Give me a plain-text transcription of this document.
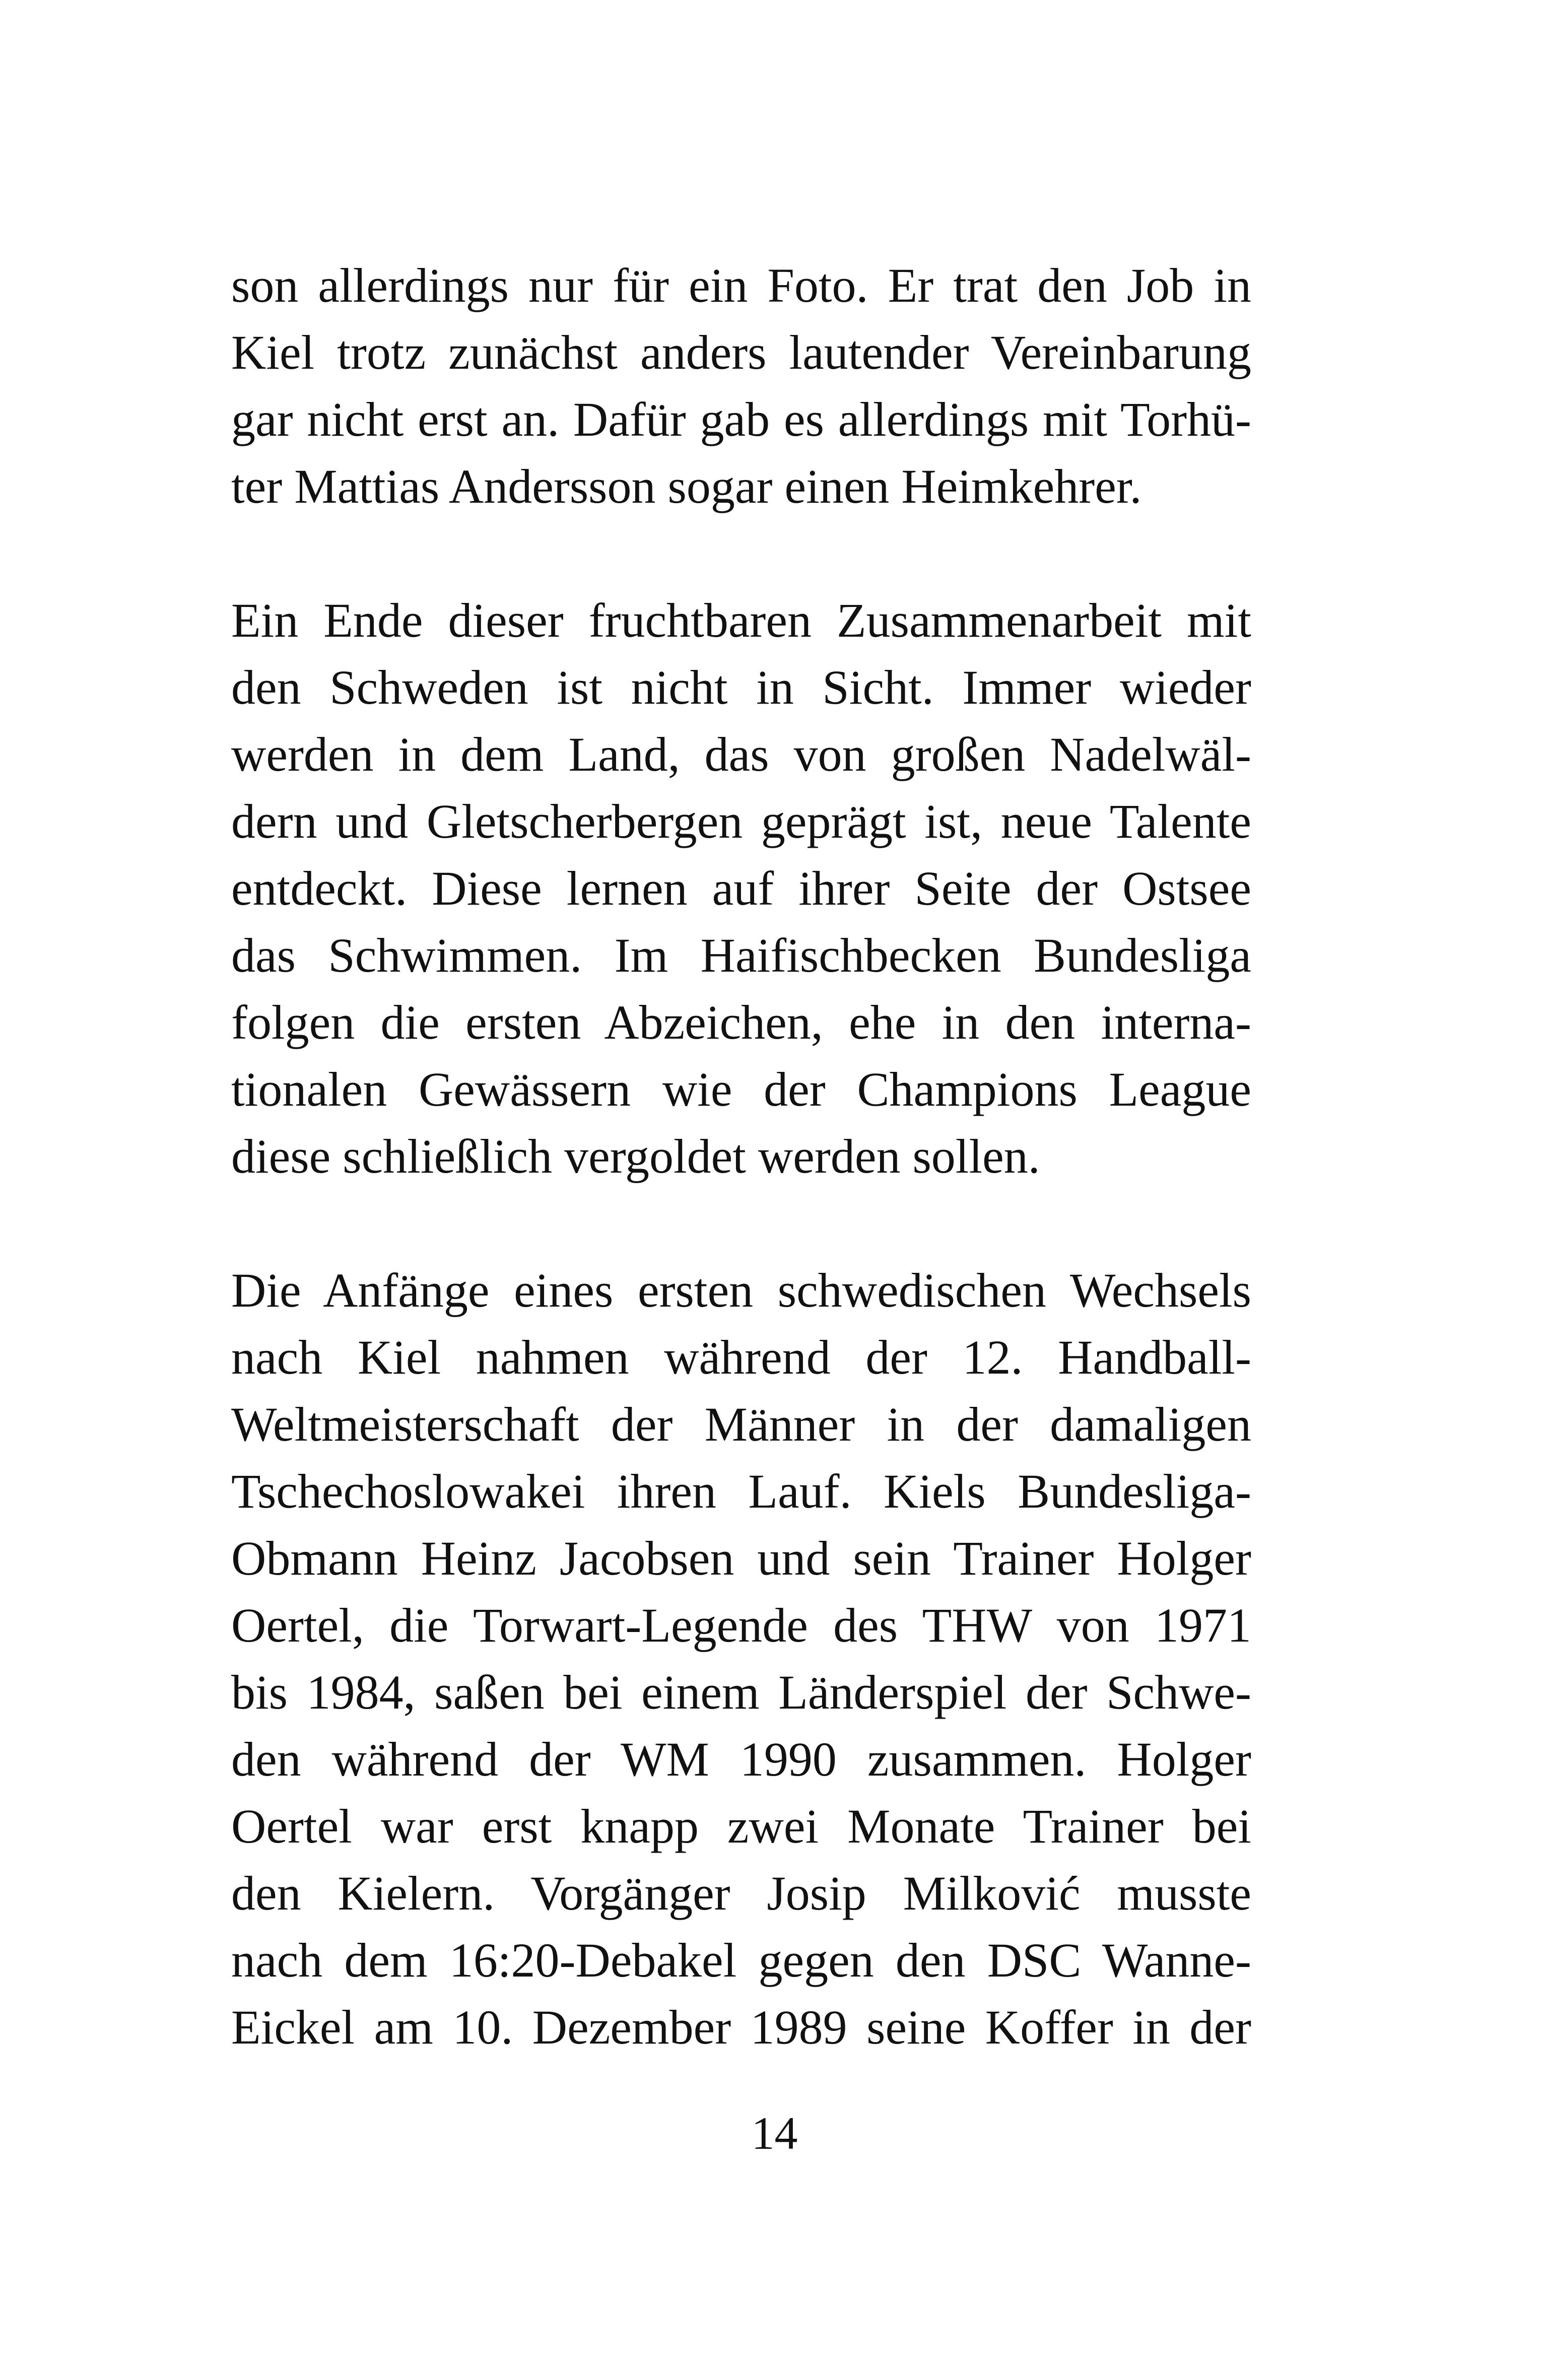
son allerdings nur für ein Foto. Er trat den Job in
Kiel trotz zunächst anders lautender Vereinbarung
gar nicht erst an. Dafür gab es allerdings mit Torhü-
ter Mattias Andersson sogar einen Heimkehrer.
Ein Ende dieser fruchtbaren Zusammenarbeit mit
den Schweden ist nicht in Sicht. Immer wieder
werden in dem Land, das von großen Nadelwäl-
dern und Gletscherbergen geprägt ist, neue Talente
entdeckt. Diese lernen auf ihrer Seite der Ostsee
das Schwimmen. Im Haifischbecken Bundesliga
folgen die ersten Abzeichen, ehe in den interna-
tionalen Gewässern wie der Champions League
diese schließlich vergoldet werden sollen.
Die Anfänge eines ersten schwedischen Wechsels
nach Kiel nahmen während der 12. Handball-
Weltmeisterschaft der Männer in der damaligen
Tschechoslowakei ihren Lauf. Kiels Bundesliga-
Obmann Heinz Jacobsen und sein Trainer Holger
Oertel, die Torwart-Legende des THW von 1971
bis 1984, saßen bei einem Länderspiel der Schwe-
den während der WM 1990 zusammen. Holger
Oertel war erst knapp zwei Monate Trainer bei
den Kielern. Vorgänger Josip Milković musste
nach dem 16:20-Debakel gegen den DSC Wanne-
Eickel am 10. Dezember 1989 seine Koffer in der
14
